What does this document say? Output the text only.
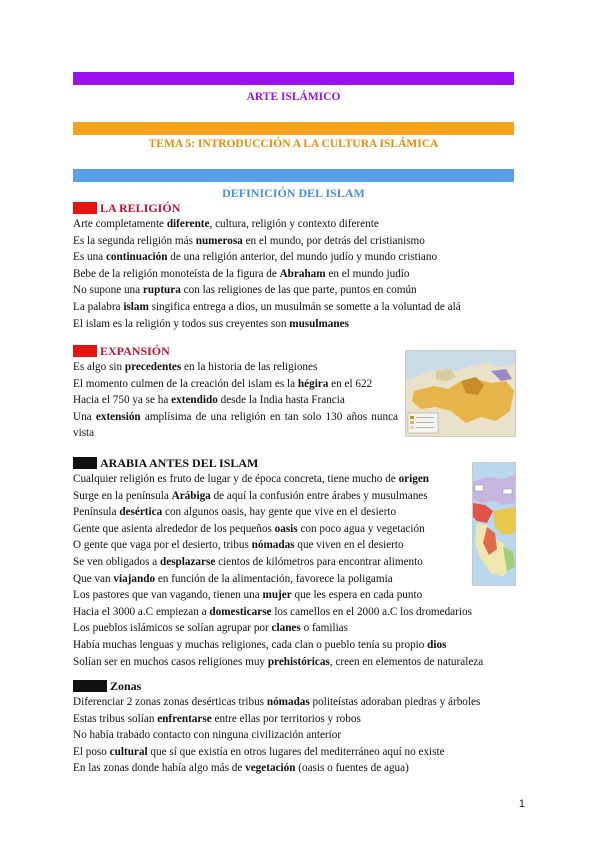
ARTE ISLÁMICO
TEMA 5: INTRODUCCIÓN A LA CULTURA ISLÁMICA
DEFINICIÓN DEL ISLAM
LA RELIGIÓN
Arte completamente diferente, cultura, religión y contexto diferente
Es la segunda religión más numerosa en el mundo, por detrás del cristianismo
Es una continuación de una religión anterior, del mundo judío y mundo cristiano
Bebe de la religión monoteísta de la figura de Abraham en el mundo judío
No supone una ruptura con las religiones de las que parte, puntos en común
La palabra islam singifica entrega a dios, un musulmán se somette a la voluntad de alá
El islam es la religión y todos sus creyentes son musulmanes
EXPANSIÓN
Es algo sin precedentes en la historia de las religiones
El momento culmen de la creación del islam es la hégira en el 622
Hacia el 750 ya se ha extendido desde la India hasta Francia
Una extensión amplísima de una religión en tan solo 130 años nunca vista
ARABIA ANTES DEL ISLAM
Cualquier religión es fruto de lugar y de época concreta, tiene mucho de origen
Surge en la península Arábiga de aquí la confusión entre árabes y musulmanes
Península desértica con algunos oasis, hay gente que vive en el desierto
Gente que asienta alrededor de los pequeños oasis con poco agua y vegetación
O gente que vaga por el desierto, tribus nómadas que viven en el desierto
Se ven obligados a desplazarse cientos de kilómetros para encontrar alimento
Que van viajando en función de la alimentación, favorece la poligamia
Los pastores que van vagando, tienen una mujer que les espera en cada punto
Hacia el 3000 a.C empiezan a domesticarse los camellos en el 2000 a.C los dromedarios
Los pueblos islámicos se solían agrupar por clanes o familias
Había muchas lenguas y muchas religiones, cada clan o pueblo tenía su propio dios
Solían ser en muchos casos religiones muy prehistóricas, creen en elementos de naturaleza
Zonas
Diferenciar 2 zonas zonas desérticas tribus nómadas politeístas adoraban piedras y árboles
Estas tribus solían enfrentarse entre ellas por territorios y robos
No había trabado contacto con ninguna civilización anterior
El poso cultural que sí que existía en otros lugares del mediterráneo aquí no existe
En las zonas donde había algo más de vegetación (oasis o fuentes de agua)
1
